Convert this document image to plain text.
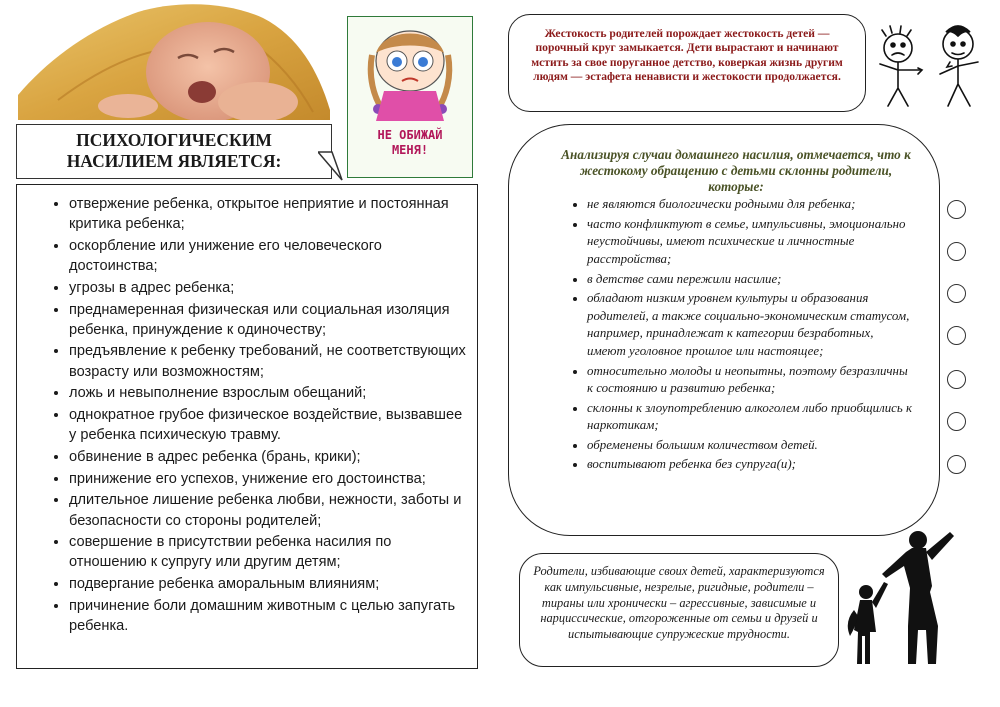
ПСИХОЛОГИЧЕСКИМ
НАСИЛИЕМ ЯВЛЯЕТСЯ:
НЕ ОБИЖАЙ
МЕНЯ!
• отвержение ребенка, открытое неприятие и постоянная критика ребенка;
• оскорбление или унижение его человеческого достоинства;
• угрозы в адрес ребенка;
• преднамеренная физическая или социальная изоляция ребенка, принуждение к одиночеству;
• предъявление к ребенку требований, не соответствующих возрасту или возможностям;
• ложь и невыполнение взрослым обещаний;
• однократное грубое физическое воздействие, вызвавшее у ребенка психическую травму.
• обвинение в адрес ребенка (брань, крики);
• принижение его успехов, унижение его достоинства;
• длительное лишение ребенка любви, нежности, заботы и безопасности со стороны родителей;
• совершение в присутствии ребенка насилия по отношению к супругу или другим детям;
• подвергание ребенка аморальным влияниям;
• причинение боли домашним животным с целью запугать ребенка.
Жестокость родителей порождает жестокость детей — порочный круг замыкается. Дети вырастают и начинают мстить за свое поруганное детство, коверкая жизнь другим людям — эстафета ненависти и жестокости продолжается.
Анализируя случаи домашнего насилия, отмечается, что к жестокому обращению с детьми склонны родители, которые:
• не являются биологически родными для ребенка;
• часто конфликтуют в семье, импульсивны, эмоционально неустойчивы, имеют психические и личностные расстройства;
• в детстве сами пережили насилие;
• обладают низким уровнем культуры и образования родителей, а также социально-экономическим статусом, например, принадлежат к категории безработных, имеют уголовное прошлое или настоящее;
• относительно молоды и неопытны, поэтому безразличны к состоянию и развитию ребенка;
• склонны к злоупотреблению алкоголем либо приобщились к наркотикам;
• обременены большим количеством детей.
• воспитывают ребенка без супруга(и);
Родители, избивающие своих детей, характеризуются как импульсивные, незрелые, ригидные, родители – тираны или хронически – агрессивные, зависимые и нарциссические, отгороженные от семьи и друзей и испытывающие супружеские трудности.
